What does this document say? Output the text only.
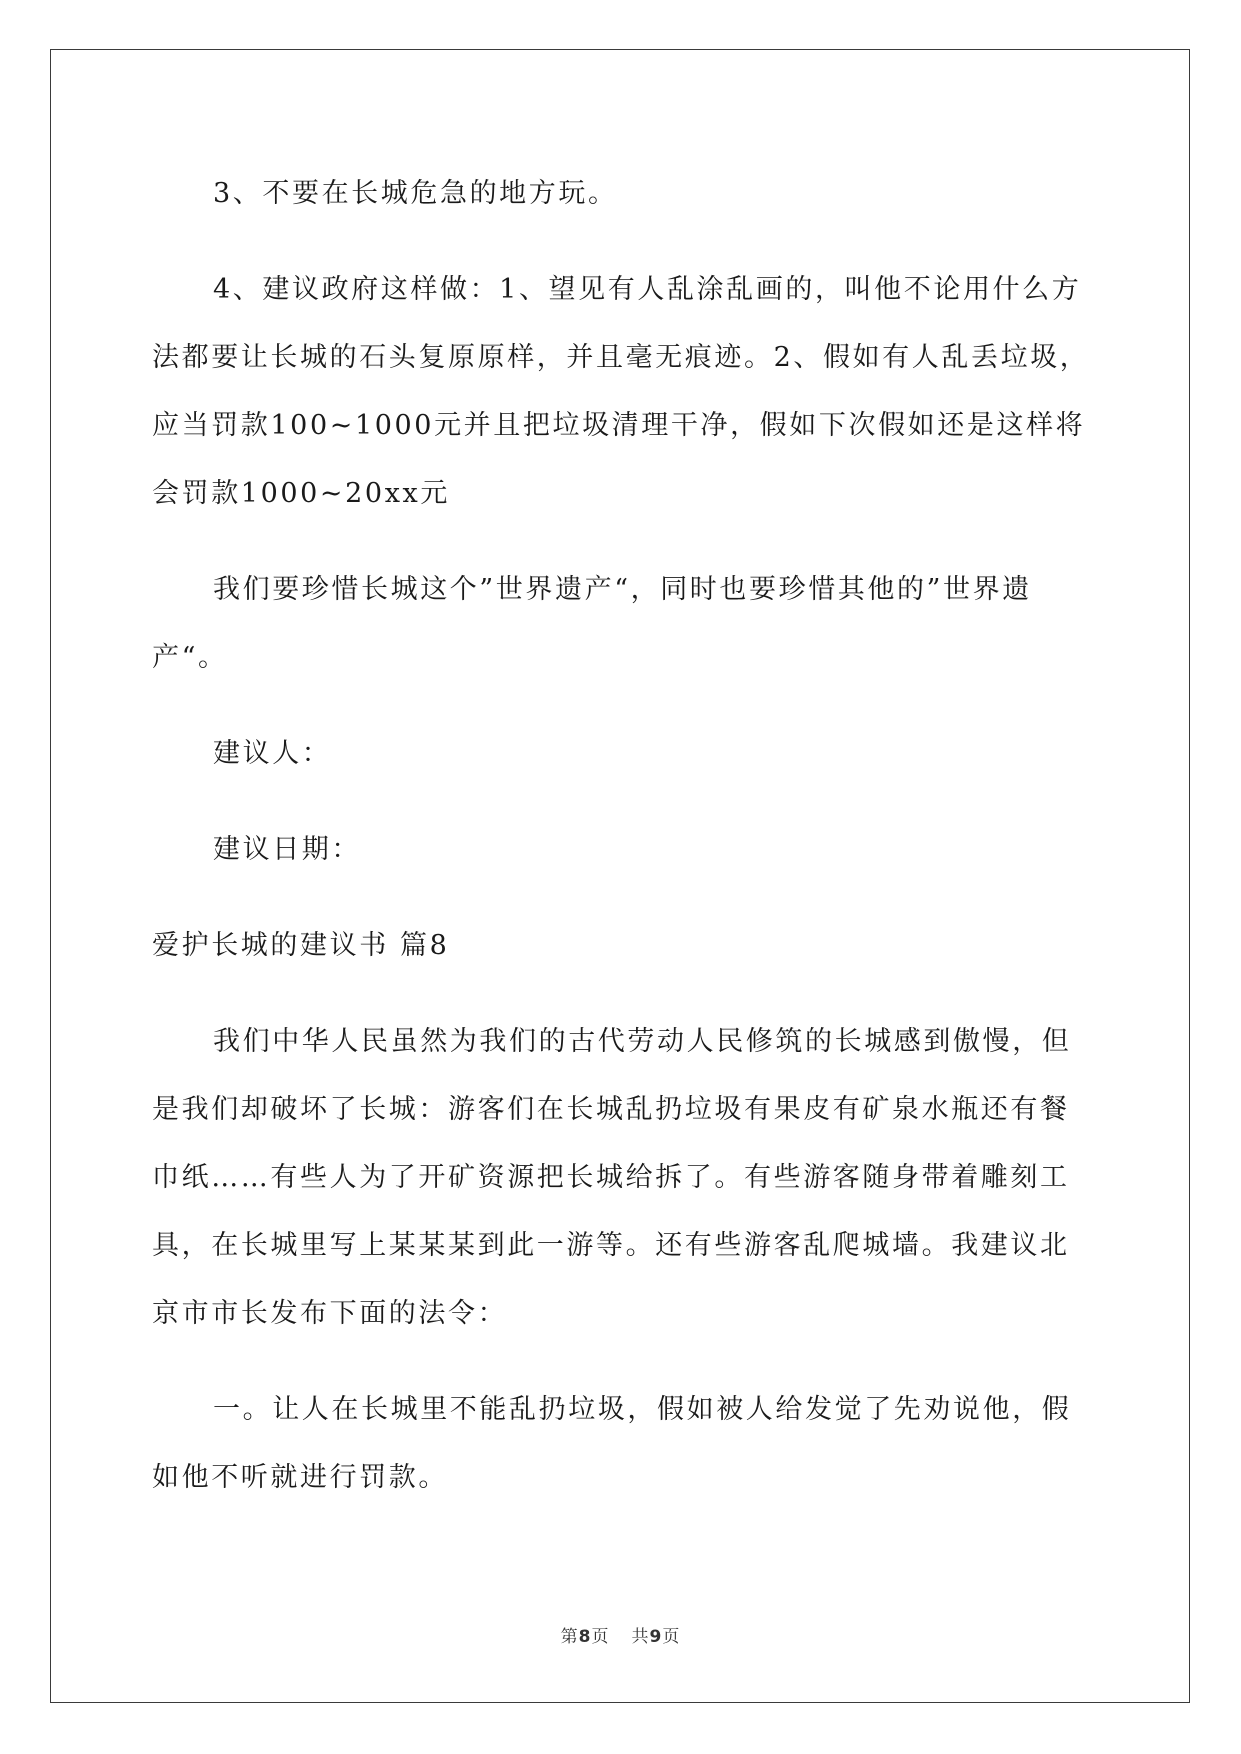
3、不要在长城危急的地方玩。

4、建议政府这样做：1、望见有人乱涂乱画的，叫他不论用什么方法都要让长城的石头复原原样，并且毫无痕迹。2、假如有人乱丢垃圾，应当罚款100~1000元并且把垃圾清理干净，假如下次假如还是这样将会罚款1000~20xx元

我们要珍惜长城这个”世界遗产“，同时也要珍惜其他的”世界遗产“。

建议人：

建议日期：

爱护长城的建议书 篇8

我们中华人民虽然为我们的古代劳动人民修筑的长城感到傲慢，但是我们却破坏了长城：游客们在长城乱扔垃圾有果皮有矿泉水瓶还有餐巾纸……有些人为了开矿资源把长城给拆了。有些游客随身带着雕刻工具，在长城里写上某某某到此一游等。还有些游客乱爬城墙。我建议北京市市长发布下面的法令：

一。让人在长城里不能乱扔垃圾，假如被人给发觉了先劝说他，假如他不听就进行罚款。

第8页 共9页
